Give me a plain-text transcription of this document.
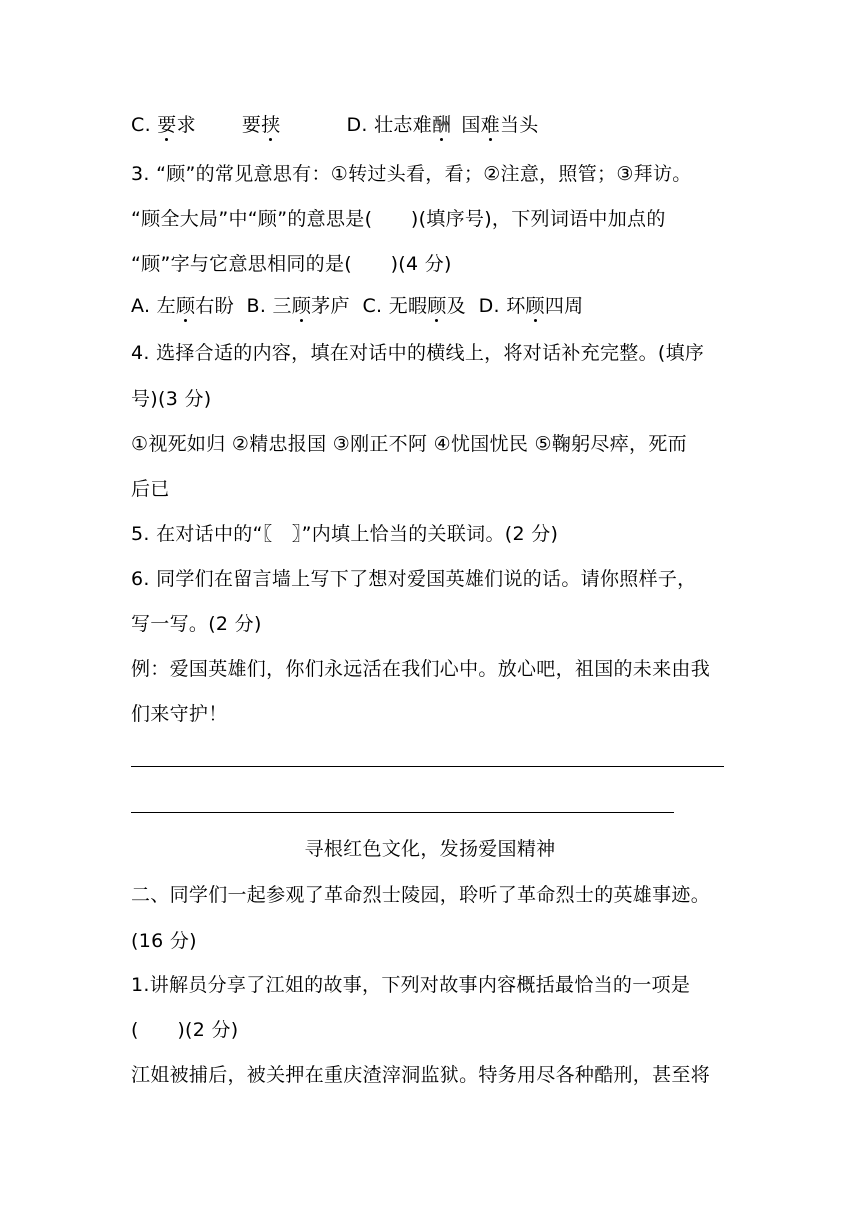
C. 要求 要挟	D. 壮志难酬 国难当头
3. “顾”的常见意思有：①转过头看，看；②注意，照管；③拜访。
“顾全大局”中“顾”的意思是(　　)(填序号)，下列词语中加点的
“顾”字与它意思相同的是(　　)(4 分)
A. 左顾右盼  B. 三顾茅庐  C. 无暇顾及  D. 环顾四周
4. 选择合适的内容，填在对话中的横线上，将对话补充完整。(填序
号)(3 分)
①视死如归 ②精忠报国 ③刚正不阿 ④忧国忧民 ⑤鞠躬尽瘁，死而
后已
5. 在对话中的“〖　〗”内填上恰当的关联词。(2 分)
6. 同学们在留言墙上写下了想对爱国英雄们说的话。请你照样子，
写一写。(2 分)
例：爱国英雄们，你们永远活在我们心中。放心吧，祖国的未来由我
们来守护！
寻根红色文化，发扬爱国精神
二、同学们一起参观了革命烈士陵园，聆听了革命烈士的英雄事迹。
(16 分)
1.讲解员分享了江姐的故事，下列对故事内容概括最恰当的一项是
(　　)(2 分)
江姐被捕后，被关押在重庆渣滓洞监狱。特务用尽各种酷刑，甚至将
